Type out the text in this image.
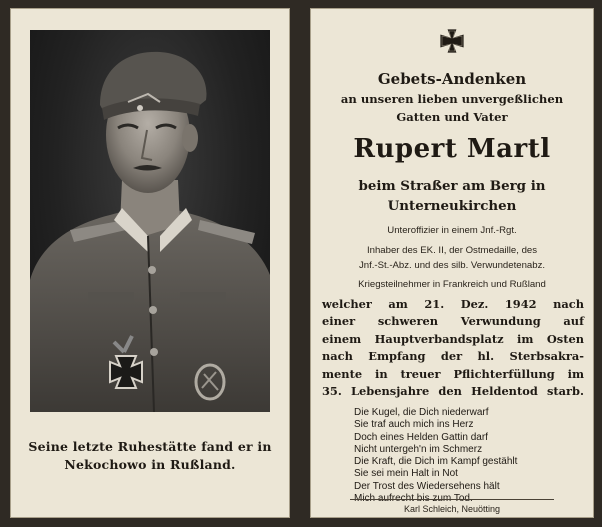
Seine letzte Ruhestätte fand er in
Nekochowo in Rußland.
Gebets-Andenken
an unseren lieben unvergeßlichen
Gatten und Vater
Rupert Martl
beim Straßer am Berg in
Unterneukirchen
Unteroffizier in einem Jnf.-Rgt.
Inhaber des EK. II, der Ostmedaille, des
Jnf.-St.-Abz. und des silb. Verwundetenabz.
Kriegsteilnehmer in Frankreich und Rußland
welcher am 21. Dez. 1942 nach
einer schweren Verwundung auf
einem Hauptverbandsplatz im Osten
nach Empfang der hl. Sterbsakra-
mente in treuer Pflichterfüllung im
35. Lebensjahre den Heldentod starb.
Die Kugel, die Dich niederwarf
Sie traf auch mich ins Herz
Doch eines Helden Gattin darf
Nicht untergeh'n im Schmerz
Die Kraft, die Dich im Kampf gestählt
Sie sei mein Halt in Not
Der Trost des Wiedersehens hält
Mich aufrecht bis zum Tod.
Karl Schleich, Neuötting
